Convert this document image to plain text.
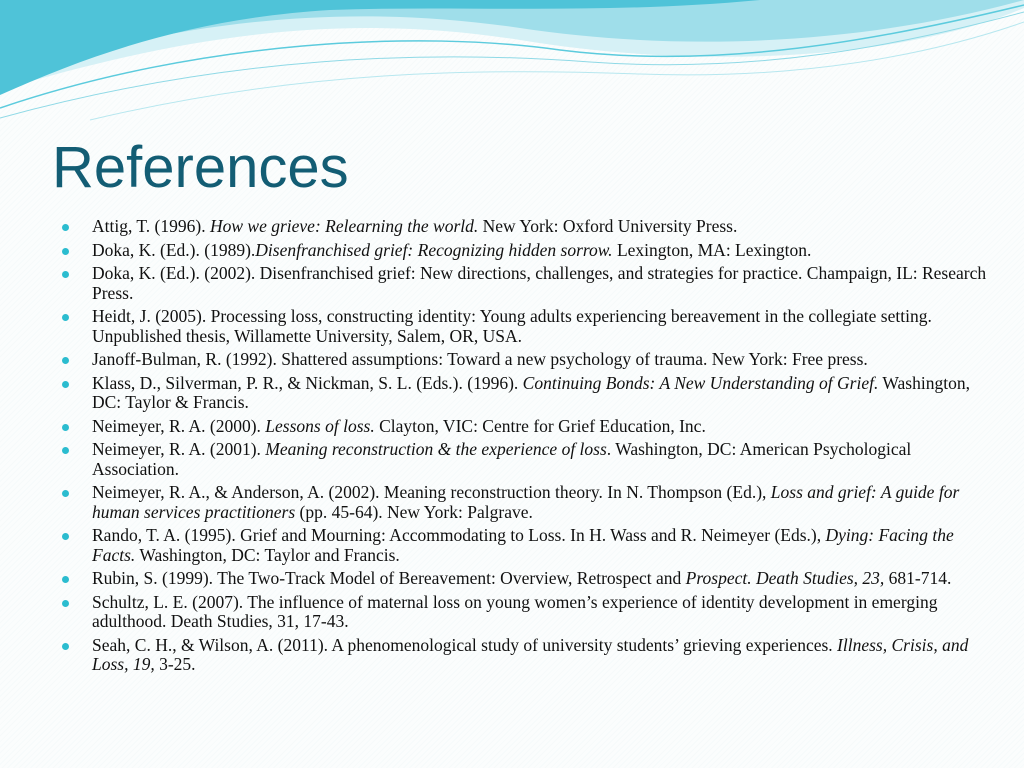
References
Attig, T. (1996). How we grieve: Relearning the world. New York: Oxford University Press.
Doka, K. (Ed.). (1989).Disenfranchised grief: Recognizing hidden sorrow. Lexington, MA: Lexington.
Doka, K. (Ed.). (2002). Disenfranchised grief: New directions, challenges, and strategies for practice. Champaign, IL: Research Press.
Heidt, J. (2005). Processing loss, constructing identity: Young adults experiencing bereavement in the collegiate setting. Unpublished thesis, Willamette University, Salem, OR, USA.
Janoff-Bulman, R. (1992). Shattered assumptions: Toward a new psychology of trauma. New York: Free press.
Klass, D., Silverman, P. R., & Nickman, S. L. (Eds.). (1996). Continuing Bonds: A New Understanding of Grief. Washington, DC: Taylor & Francis.
Neimeyer, R. A. (2000). Lessons of loss. Clayton, VIC: Centre for Grief Education, Inc.
Neimeyer, R. A. (2001). Meaning reconstruction & the experience of loss. Washington, DC: American Psychological Association.
Neimeyer, R. A., & Anderson, A. (2002). Meaning reconstruction theory. In N. Thompson (Ed.), Loss and grief: A guide for human services practitioners (pp. 45-64). New York: Palgrave.
Rando, T. A. (1995). Grief and Mourning: Accommodating to Loss. In H. Wass and R. Neimeyer (Eds.), Dying: Facing the Facts. Washington, DC: Taylor and Francis.
Rubin, S. (1999). The Two-Track Model of Bereavement: Overview, Retrospect and Prospect. Death Studies, 23, 681-714.
Schultz, L. E. (2007). The influence of maternal loss on young women’s experience of identity development in emerging adulthood. Death Studies, 31, 17-43.
Seah, C. H., & Wilson, A. (2011). A phenomenological study of university students’ grieving experiences. Illness, Crisis, and Loss, 19, 3-25.
